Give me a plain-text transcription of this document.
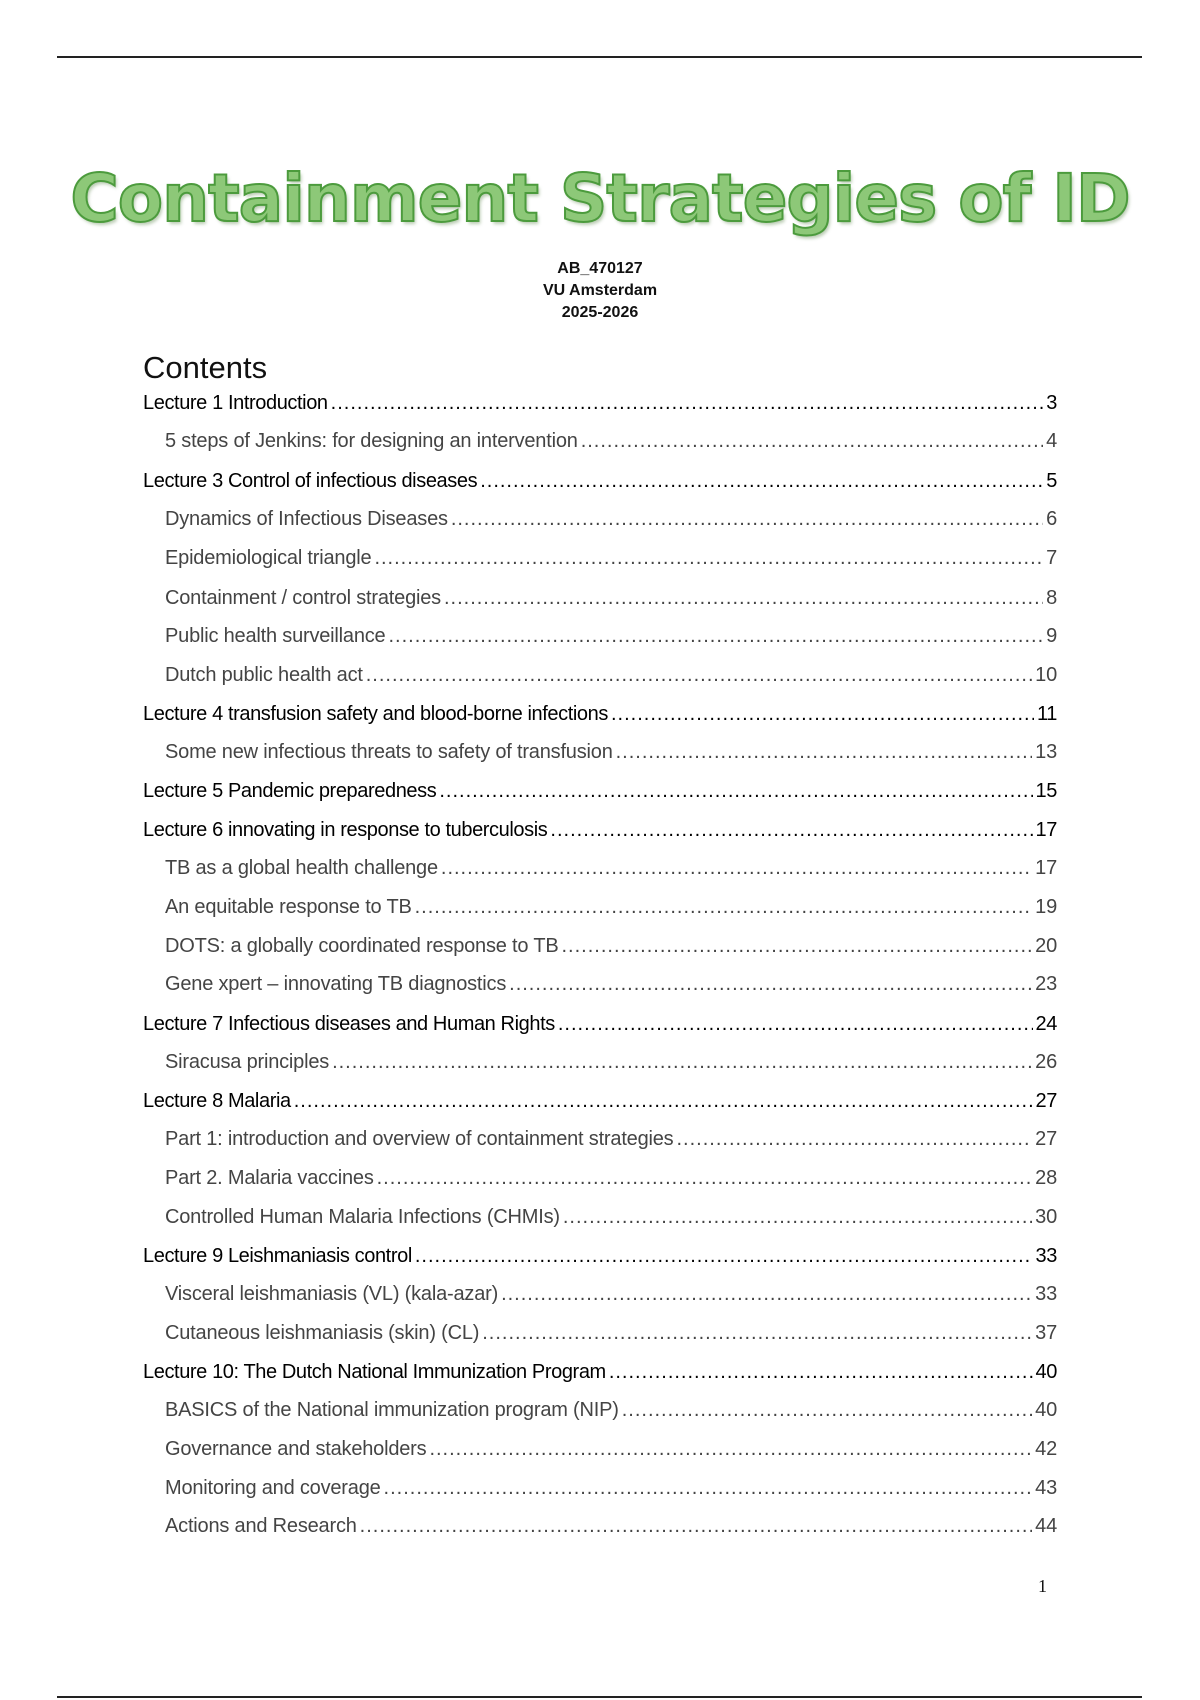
Containment Strategies of ID
AB_470127
VU Amsterdam
2025-2026
Contents
Lecture 1 Introduction .....	3
5 steps of Jenkins: for designing an intervention .....	4
Lecture 3 Control of infectious diseases .....	5
Dynamics of Infectious Diseases .....	6
Epidemiological triangle .....	7
Containment / control strategies .....	8
Public health surveillance .....	9
Dutch public health act .....	10
Lecture 4 transfusion safety and blood-borne infections .....	11
Some new infectious threats to safety of transfusion .....	13
Lecture 5 Pandemic preparedness .....	15
Lecture 6 innovating in response to tuberculosis .....	17
TB as a global health challenge .....	17
An equitable response to TB .....	19
DOTS: a globally coordinated response to TB .....	20
Gene xpert – innovating TB diagnostics .....	23
Lecture 7 Infectious diseases and Human Rights .....	24
Siracusa principles .....	26
Lecture 8 Malaria .....	27
Part 1: introduction and overview of containment strategies .....	27
Part 2. Malaria vaccines .....	28
Controlled Human Malaria Infections (CHMIs) .....	30
Lecture 9 Leishmaniasis control .....	33
Visceral leishmaniasis (VL) (kala-azar) .....	33
Cutaneous leishmaniasis (skin) (CL) .....	37
Lecture 10: The Dutch National Immunization Program .....	40
BASICS of the National immunization program (NIP) .....	40
Governance and stakeholders .....	42
Monitoring and coverage .....	43
Actions and Research .....	44
1
